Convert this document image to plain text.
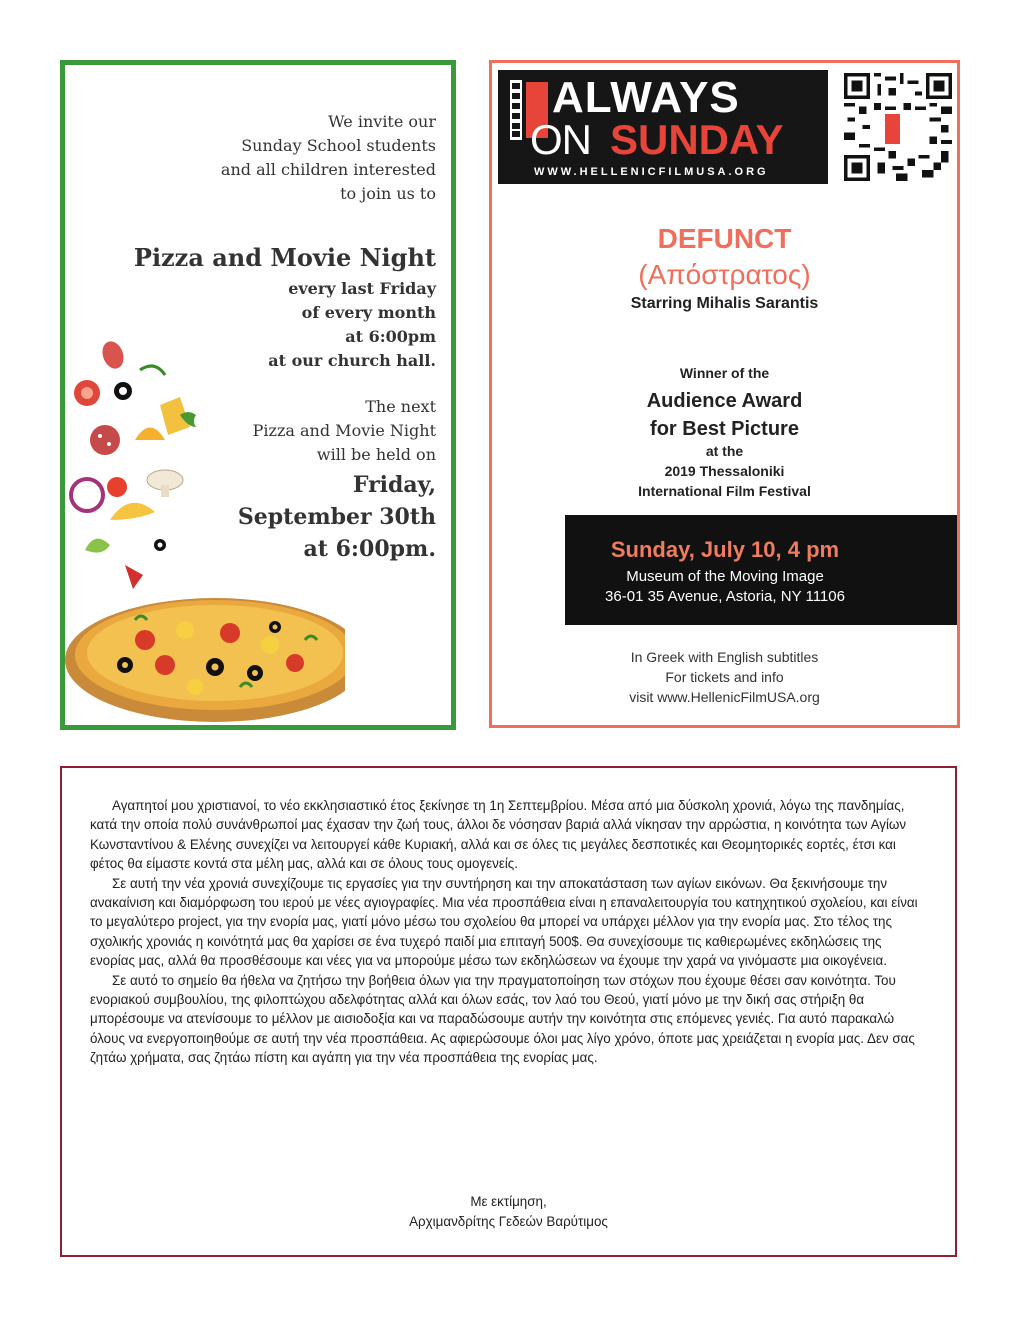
We invite our
Sunday School students
and all children interested
to join us to
Pizza and Movie Night
every last Friday
of every month
at 6:00pm
at our church hall.
The next
Pizza and Movie Night
will be held on
Friday,
September 30th
at 6:00pm.
ALWAYS
ON SUNDAY
WWW.HELLENICFILMUSA.ORG
DEFUNCT
(Απόστρατος)
Starring Mihalis Sarantis
Winner of the
Audience Award
for Best Picture
at the
2019 Thessaloniki
International Film Festival
Sunday, July 10, 4 pm
Museum of the Moving Image
36-01 35 Avenue, Astoria, NY 11106
In Greek with English subtitles
For tickets and info
visit www.HellenicFilmUSA.org

Αγαπητοί μου χριστιανοί, το νέο εκκλησιαστικό έτος ξεκίνησε τη 1η Σεπτεμβρίου. Μέσα από μια δύσκολη χρονιά, λόγω της πανδημίας, κατά την οποία πολύ συνάνθρωποί μας έχασαν την ζωή τους, άλλοι δε νόσησαν βαριά αλλά νίκησαν την αρρώστια, η κοινότητα των Αγίων Κωνσταντίνου & Ελένης συνεχίζει να λειτουργεί κάθε Κυριακή, αλλά και σε όλες τις μεγάλες δεσποτικές και Θεομητορικές εορτές, έτσι και φέτος θα είμαστε κοντά στα μέλη μας, αλλά και σε όλους τους ομογενείς.

Σε αυτή την νέα χρονιά συνεχίζουμε τις εργασίες για την συντήρηση και την αποκατάσταση των αγίων εικόνων. Θα ξεκινήσουμε την ανακαίνιση και διαμόρφωση του ιερού με νέες αγιογραφίες. Μια νέα προσπάθεια είναι η επαναλειτουργία του κατηχητικού σχολείου, και είναι το μεγαλύτερο project, για την ενορία μας, γιατί μόνο μέσω του σχολείου θα μπορεί να υπάρχει μέλλον για την ενορία μας. Στο τέλος της σχολικής χρονιάς η κοινότητά μας θα χαρίσει σε ένα τυχερό παιδί μια επιταγή 500$. Θα συνεχίσουμε τις καθιερωμένες εκδηλώσεις της ενορίας μας, αλλά θα προσθέσουμε και νέες για να μπορούμε μέσω των εκδηλώσεων να έχουμε την χαρά να γινόμαστε μια οικογένεια.

Σε αυτό το σημείο θα ήθελα να ζητήσω την βοήθεια όλων για την πραγματοποίηση των στόχων που έχουμε θέσει σαν κοινότητα. Του ενοριακού συμβουλίου, της φιλοπτώχου αδελφότητας αλλά και όλων εσάς, τον λαό του Θεού, γιατί μόνο με την δική σας στήριξη θα μπορέσουμε να ατενίσουμε το μέλλον με αισιοδοξία και να παραδώσουμε αυτήν την κοινότητα στις επόμενες γενιές. Για αυτό παρακαλώ όλους να ενεργοποιηθούμε σε αυτή την νέα προσπάθεια. Ας αφιερώσουμε όλοι μας λίγο χρόνο, όποτε μας χρειάζεται η ενορία μας. Δεν σας ζητάω χρήματα, σας ζητάω πίστη και αγάπη για την νέα προσπάθεια της ενορίας μας.

Με εκτίμηση,
Αρχιμανδρίτης Γεδεών Βαρύτιμος
